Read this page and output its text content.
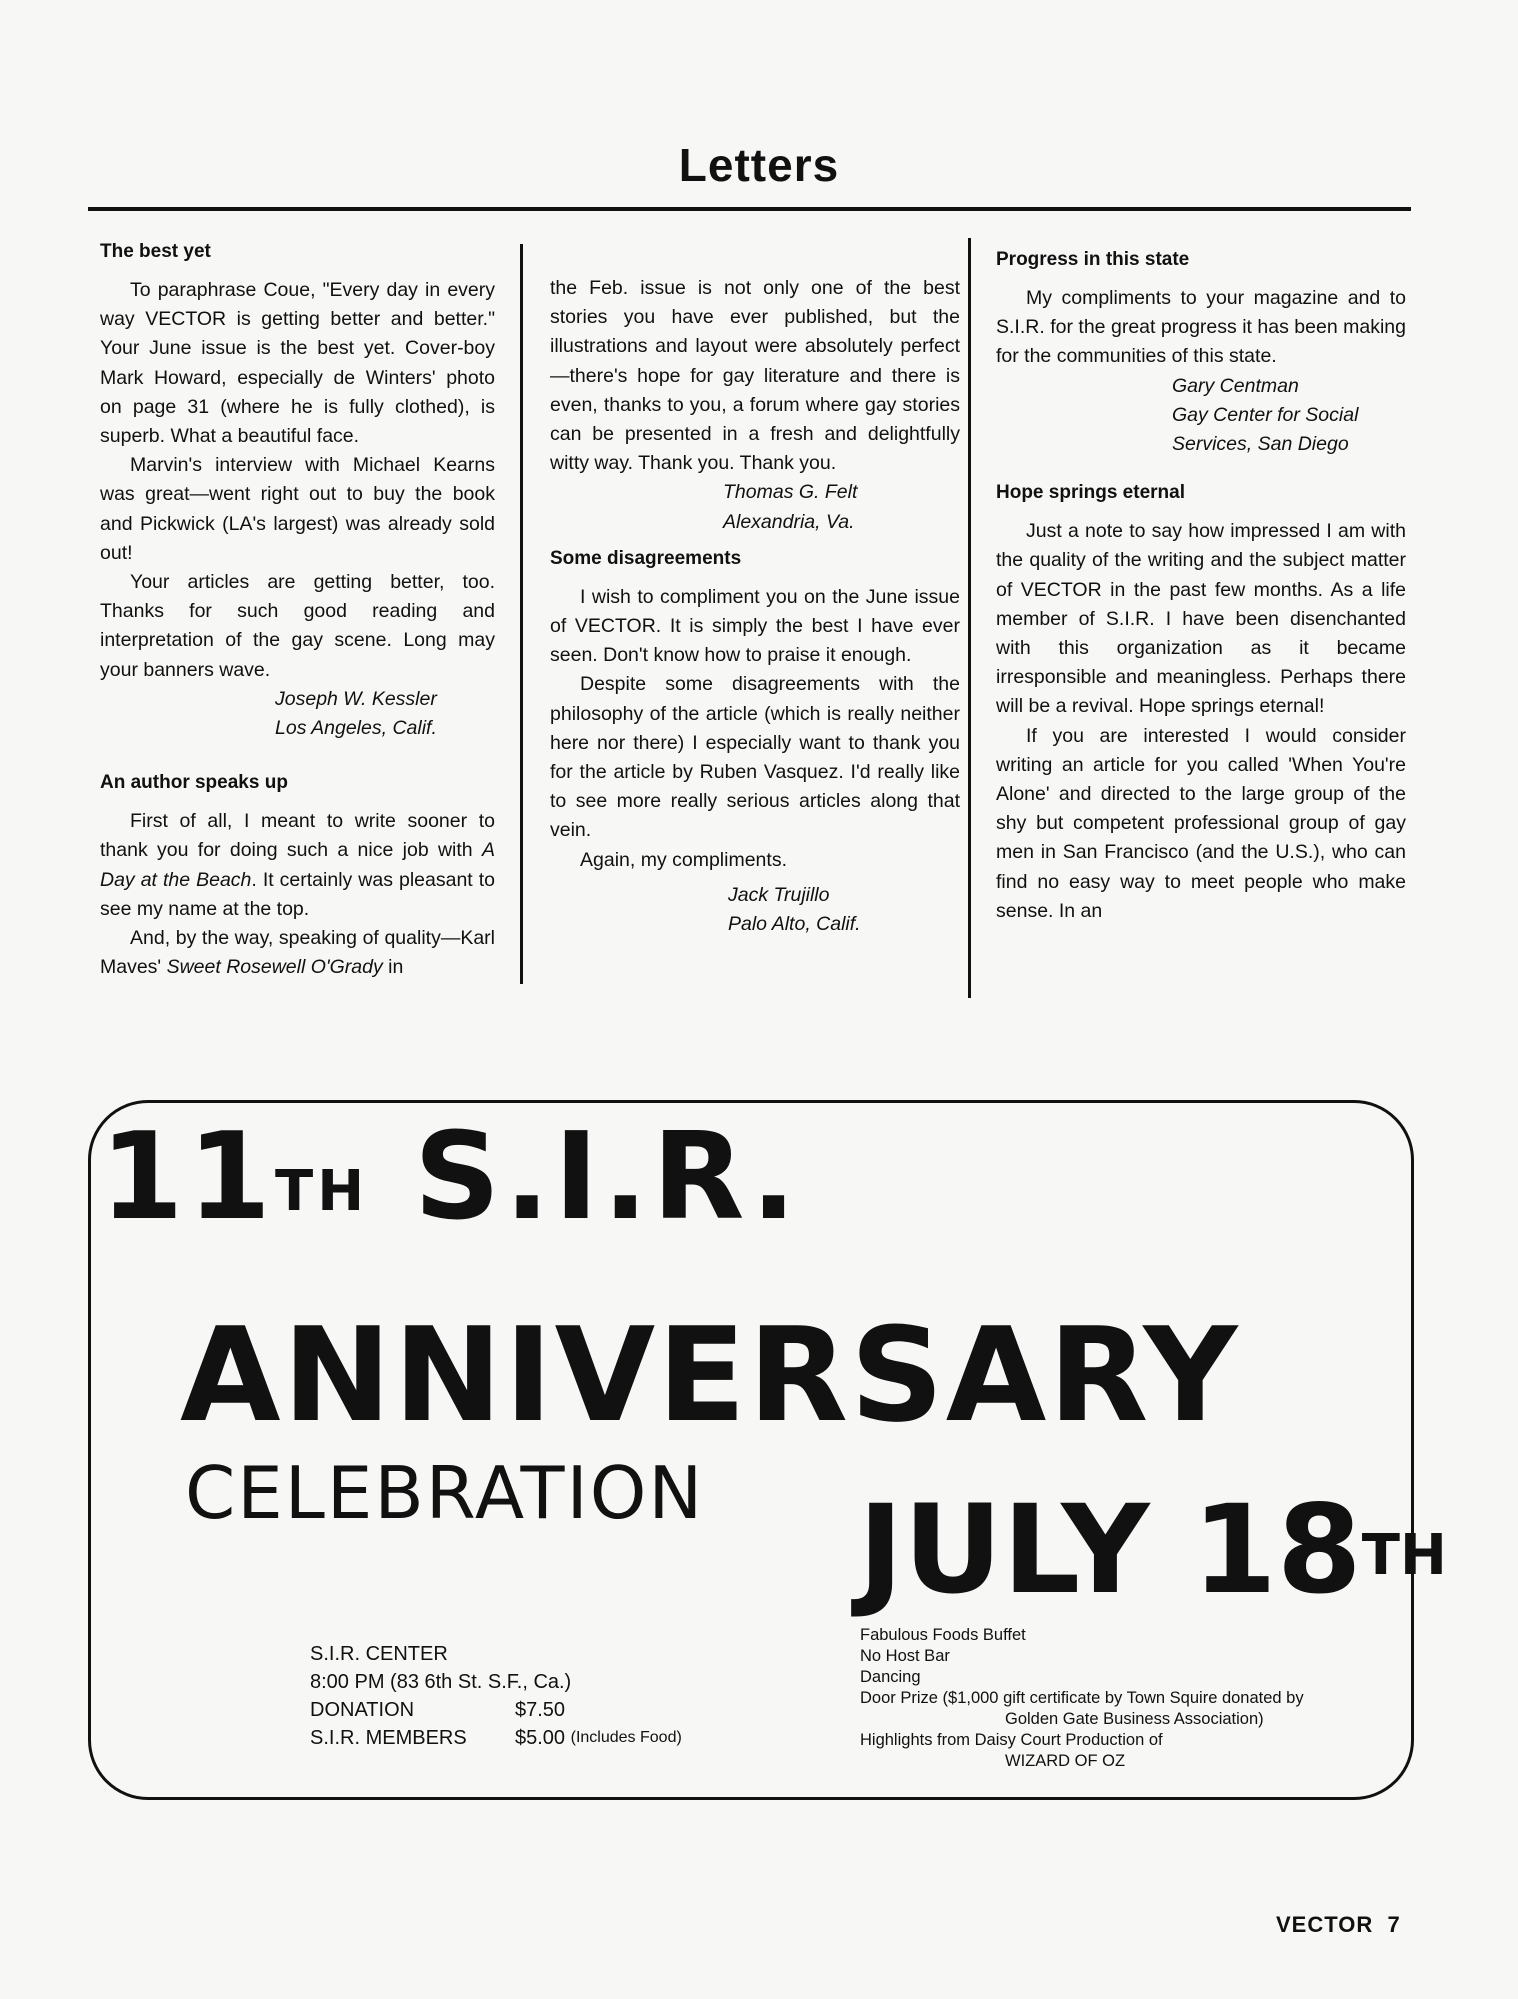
Letters
The best yet

To paraphrase Coue, "Every day in every way VECTOR is getting better and better." Your June issue is the best yet. Cover-boy Mark Howard, especially de Winters' photo on page 31 (where he is fully clothed), is superb. What a beautiful face.

Marvin's interview with Michael Kearns was great—went right out to buy the book and Pickwick (LA's largest) was already sold out!

Your articles are getting better, too. Thanks for such good reading and interpretation of the gay scene. Long may your banners wave.

Joseph W. Kessler

Los Angeles, Calif.

An author speaks up

First of all, I meant to write sooner to thank you for doing such a nice job with A Day at the Beach. It certainly was pleasant to see my name at the top.

And, by the way, speaking of quality—Karl Maves' Sweet Rosewell O'Grady in

the Feb. issue is not only one of the best stories you have ever published, but the illustrations and layout were absolutely perfect—there's hope for gay literature and there is even, thanks to you, a forum where gay stories can be presented in a fresh and delightfully witty way. Thank you. Thank you.

Thomas G. Felt

Alexandria, Va.

Some disagreements

I wish to compliment you on the June issue of VECTOR. It is simply the best I have ever seen. Don't know how to praise it enough.

Despite some disagreements with the philosophy of the article (which is really neither here nor there) I especially want to thank you for the article by Ruben Vasquez. I'd really like to see more really serious articles along that vein.

Again, my compliments.

Jack Trujillo

Palo Alto, Calif.

Progress in this state

My compliments to your magazine and to S.I.R. for the great progress it has been making for the communities of this state.

Gary Centman

Gay Center for Social

Services, San Diego

Hope springs eternal

Just a note to say how impressed I am with the quality of the writing and the subject matter of VECTOR in the past few months. As a life member of S.I.R. I have been disenchanted with this organization as it became irresponsible and meaningless. Perhaps there will be a revival. Hope springs eternal!

If you are interested I would consider writing an article for you called 'When You're Alone' and directed to the large group of the shy but competent professional group of gay men in San Francisco (and the U.S.), who can find no easy way to meet people who make sense. In an

11TH S.I.R.
ANNIVERSARY
CELEBRATION JULY 18TH
S.I.R. CENTER
8:00 PM (83 6th St. S.F., Ca.)
DONATION	$7.50
S.I.R. MEMBERS	$5.00
(Includes Food)
Fabulous Foods Buffet
No Host Bar
Dancing
Door Prize ($1,000 gift certificate by Town Squire donated by
Golden Gate Business Association)
Highlights from Daisy Court Production of
WIZARD OF OZ
VECTOR  7
